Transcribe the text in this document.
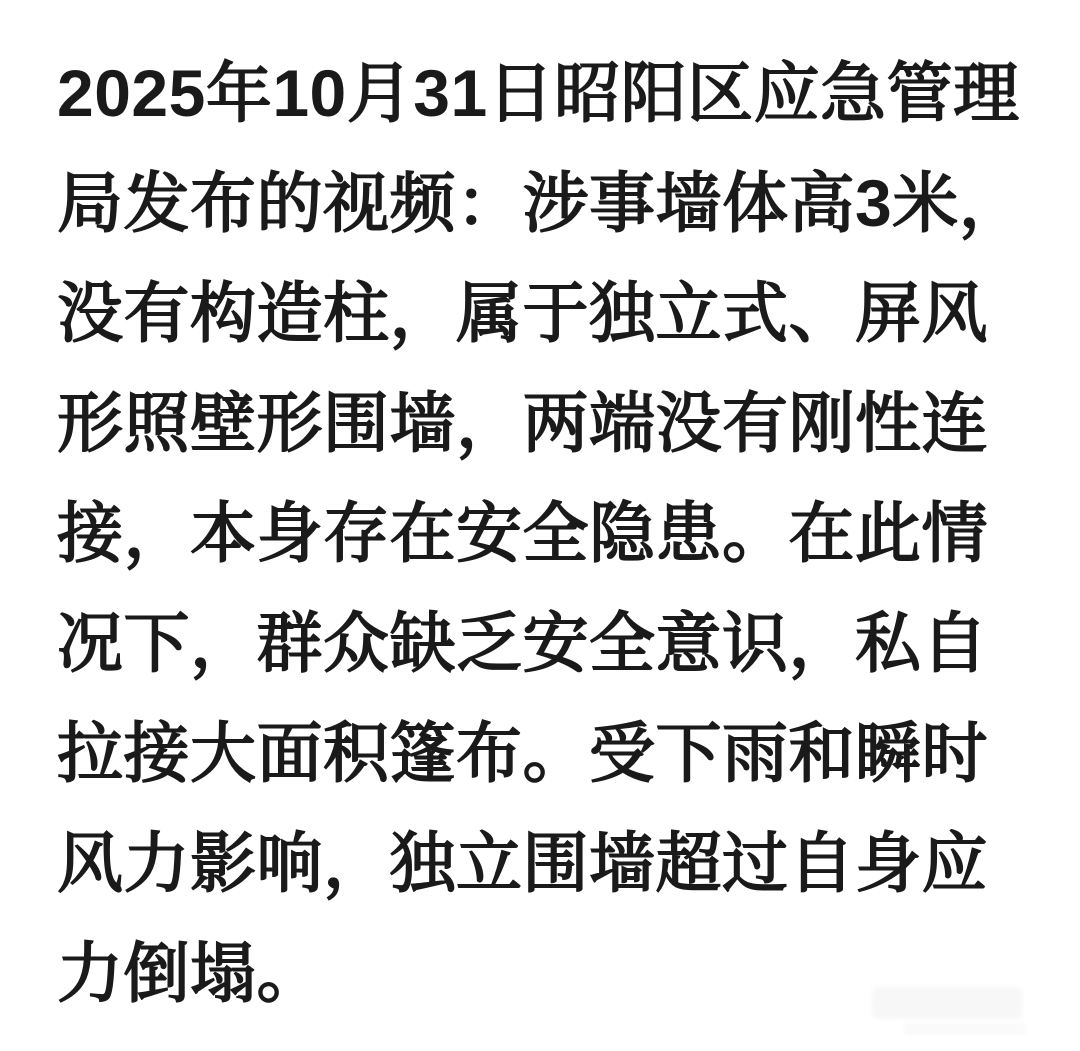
2025年10月31日昭阳区应急管理
局发布的视频：涉事墙体高3米，
没有构造柱，属于独立式、屏风
形照壁形围墙，两端没有刚性连
接，本身存在安全隐患。在此情
况下，群众缺乏安全意识，私自
拉接大面积篷布。受下雨和瞬时
风力影响，独立围墙超过自身应
力倒塌。
